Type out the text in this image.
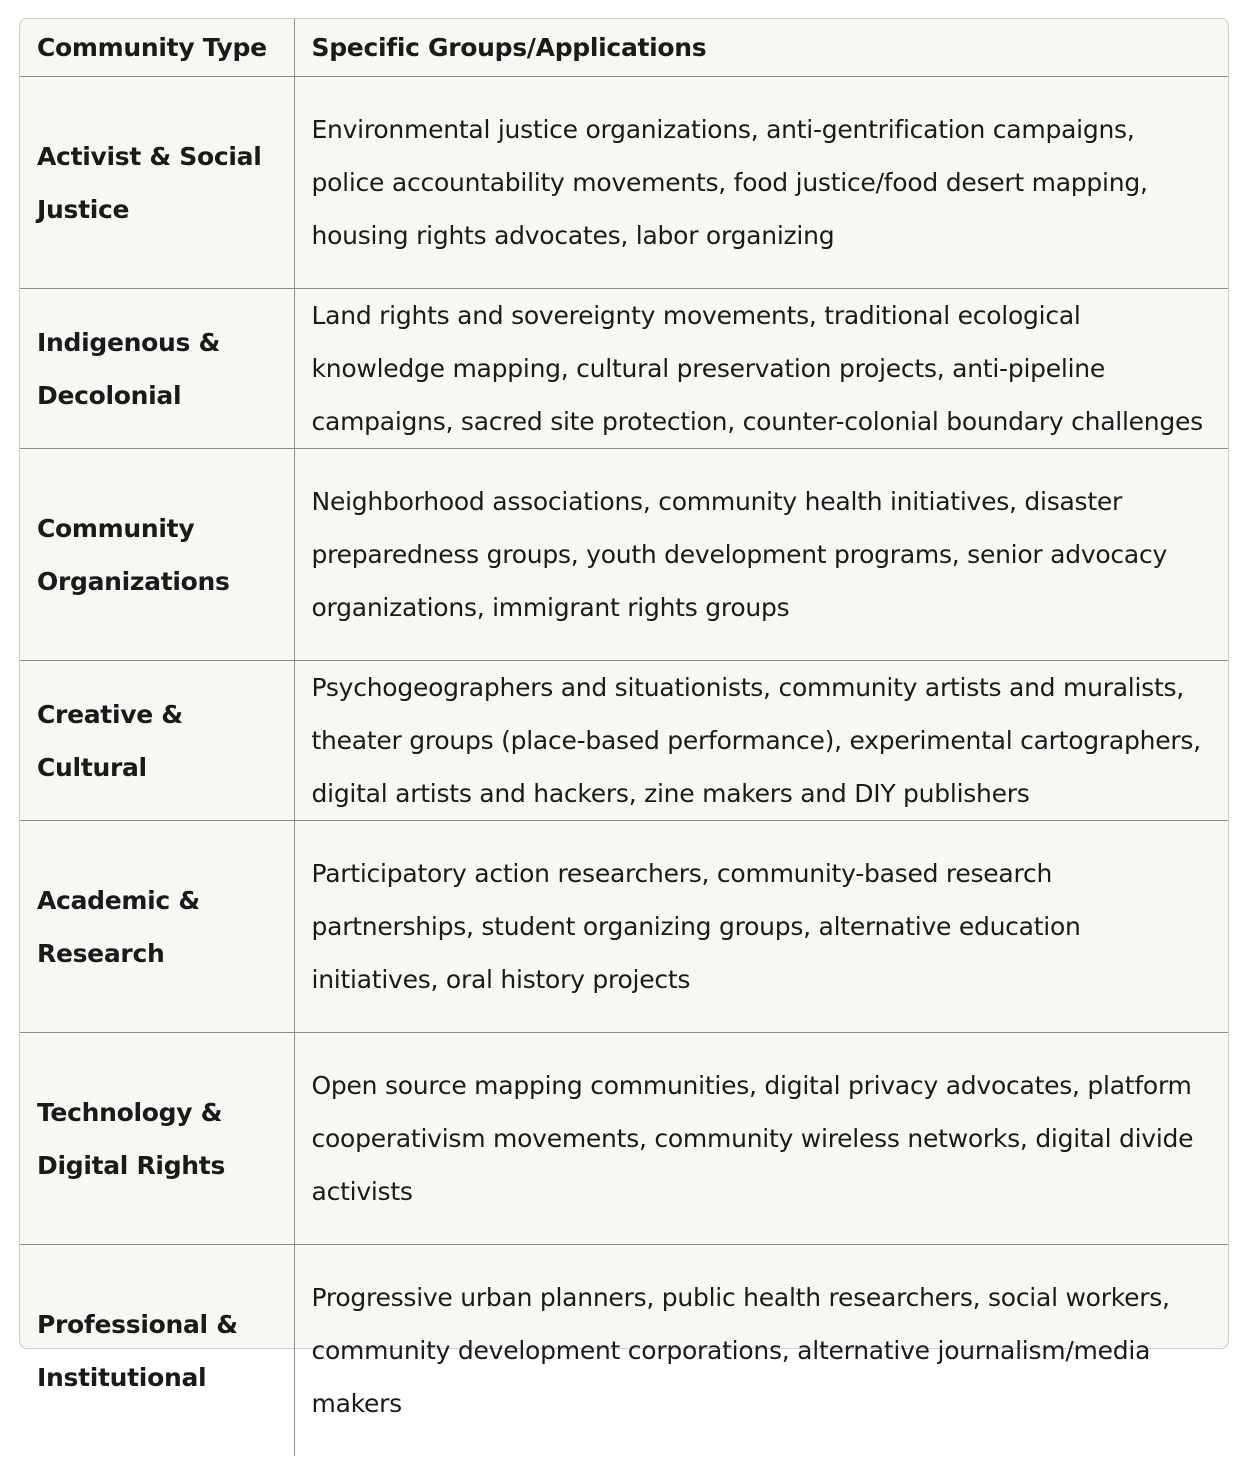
Community Type	Specific Groups/Applications
Activist & Social Justice	Environmental justice organizations, anti-gentrification campaigns, police accountability movements, food justice/food desert mapping, housing rights advocates, labor organizing
Indigenous & Decolonial	Land rights and sovereignty movements, traditional ecological knowledge mapping, cultural preservation projects, anti-pipeline campaigns, sacred site protection, counter-colonial boundary challenges
Community Organizations	Neighborhood associations, community health initiatives, disaster preparedness groups, youth development programs, senior advocacy organizations, immigrant rights groups
Creative & Cultural	Psychogeographers and situationists, community artists and muralists, theater groups (place-based performance), experimental cartographers, digital artists and hackers, zine makers and DIY publishers
Academic & Research	Participatory action researchers, community-based research partnerships, student organizing groups, alternative education initiatives, oral history projects
Technology & Digital Rights	Open source mapping communities, digital privacy advocates, platform cooperativism movements, community wireless networks, digital divide activists
Professional & Institutional	Progressive urban planners, public health researchers, social workers, community development corporations, alternative journalism/media makers
